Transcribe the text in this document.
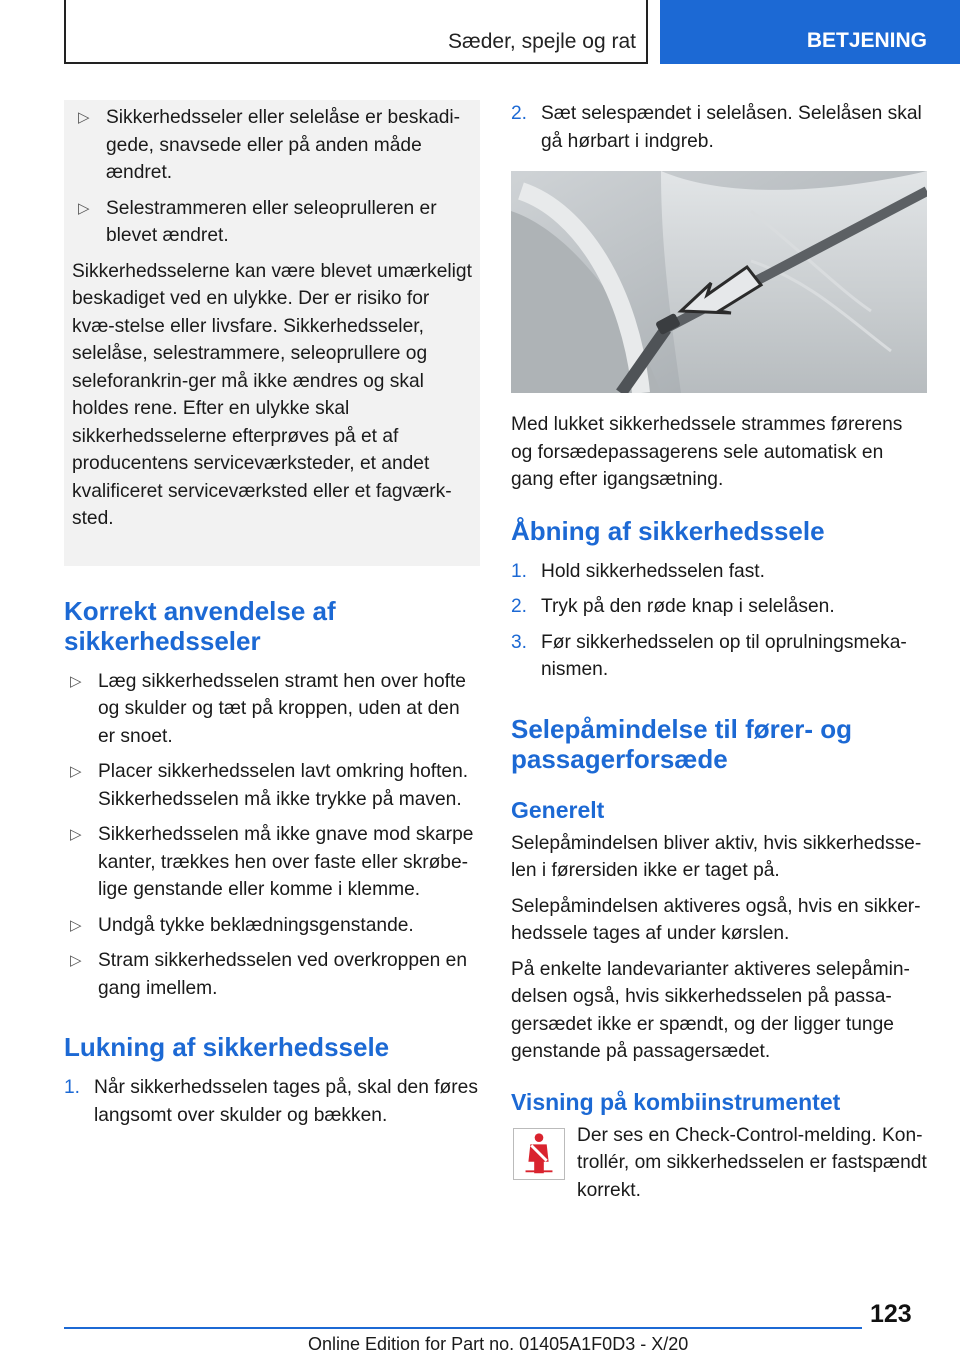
Sæder, spejle og rat	BETJENING
▷ Sikkerhedsseler eller selelåse er beskadi-gede, snavsede eller på anden måde ændret.
▷ Selestrammeren eller seleoprulleren er blevet ændret.

Sikkerhedsselerne kan være blevet umærkeligt beskadiget ved en ulykke. Der er risiko for kvæ-stelse eller livsfare. Sikkerhedsseler, selelåse, selestrammere, seleoprullere og seleforankrin-ger må ikke ændres og skal holdes rene. Efter en ulykke skal sikkerhedsselerne efterprøves på et af producentens serviceværksteder, et andet kvalificeret serviceværksted eller et fagværk-sted.

Korrekt anvendelse af sikkerhedsseler
▷ Læg sikkerhedsselen stramt hen over hofte og skulder og tæt på kroppen, uden at den er snoet.
▷ Placer sikkerhedsselen lavt omkring hoften. Sikkerhedsselen må ikke trykke på maven.
▷ Sikkerhedsselen må ikke gnave mod skarpe kanter, trækkes hen over faste eller skrøbe-lige genstande eller komme i klemme.
▷ Undgå tykke beklædningsgenstande.
▷ Stram sikkerhedsselen ved overkroppen en gang imellem.
Lukning af sikkerhedssele
1. Når sikkerhedsselen tages på, skal den føres langsomt over skulder og bækken.
2. Sæt selespændet i selelåsen. Selelåsen skal gå hørbart i indgreb.

Med lukket sikkerhedssele strammes førerens og forsædepassagerens sele automatisk en gang efter igangsætning.

Åbning af sikkerhedssele
1. Hold sikkerhedsselen fast.
2. Tryk på den røde knap i selelåsen.
3. Før sikkerhedsselen op til oprulningsmeka-nismen.
Selepåmindelse til fører- og passagerforsæde
Generelt

Selepåmindelsen bliver aktiv, hvis sikkerhedsse-len i førersiden ikke er taget på.

Selepåmindelsen aktiveres også, hvis en sikker-hedssele tages af under kørslen.

På enkelte landevarianter aktiveres selepåmin-delsen også, hvis sikkerhedsselen på passa-gersædet ikke er spændt, og der ligger tunge genstande på passagersædet.

Visning på kombiinstrumentet

Der ses en Check-Control-melding. Kon-trollér, om sikkerhedsselen er fastspændt korrekt.

123
Online Edition for Part no. 01405A1F0D3 - X/20
